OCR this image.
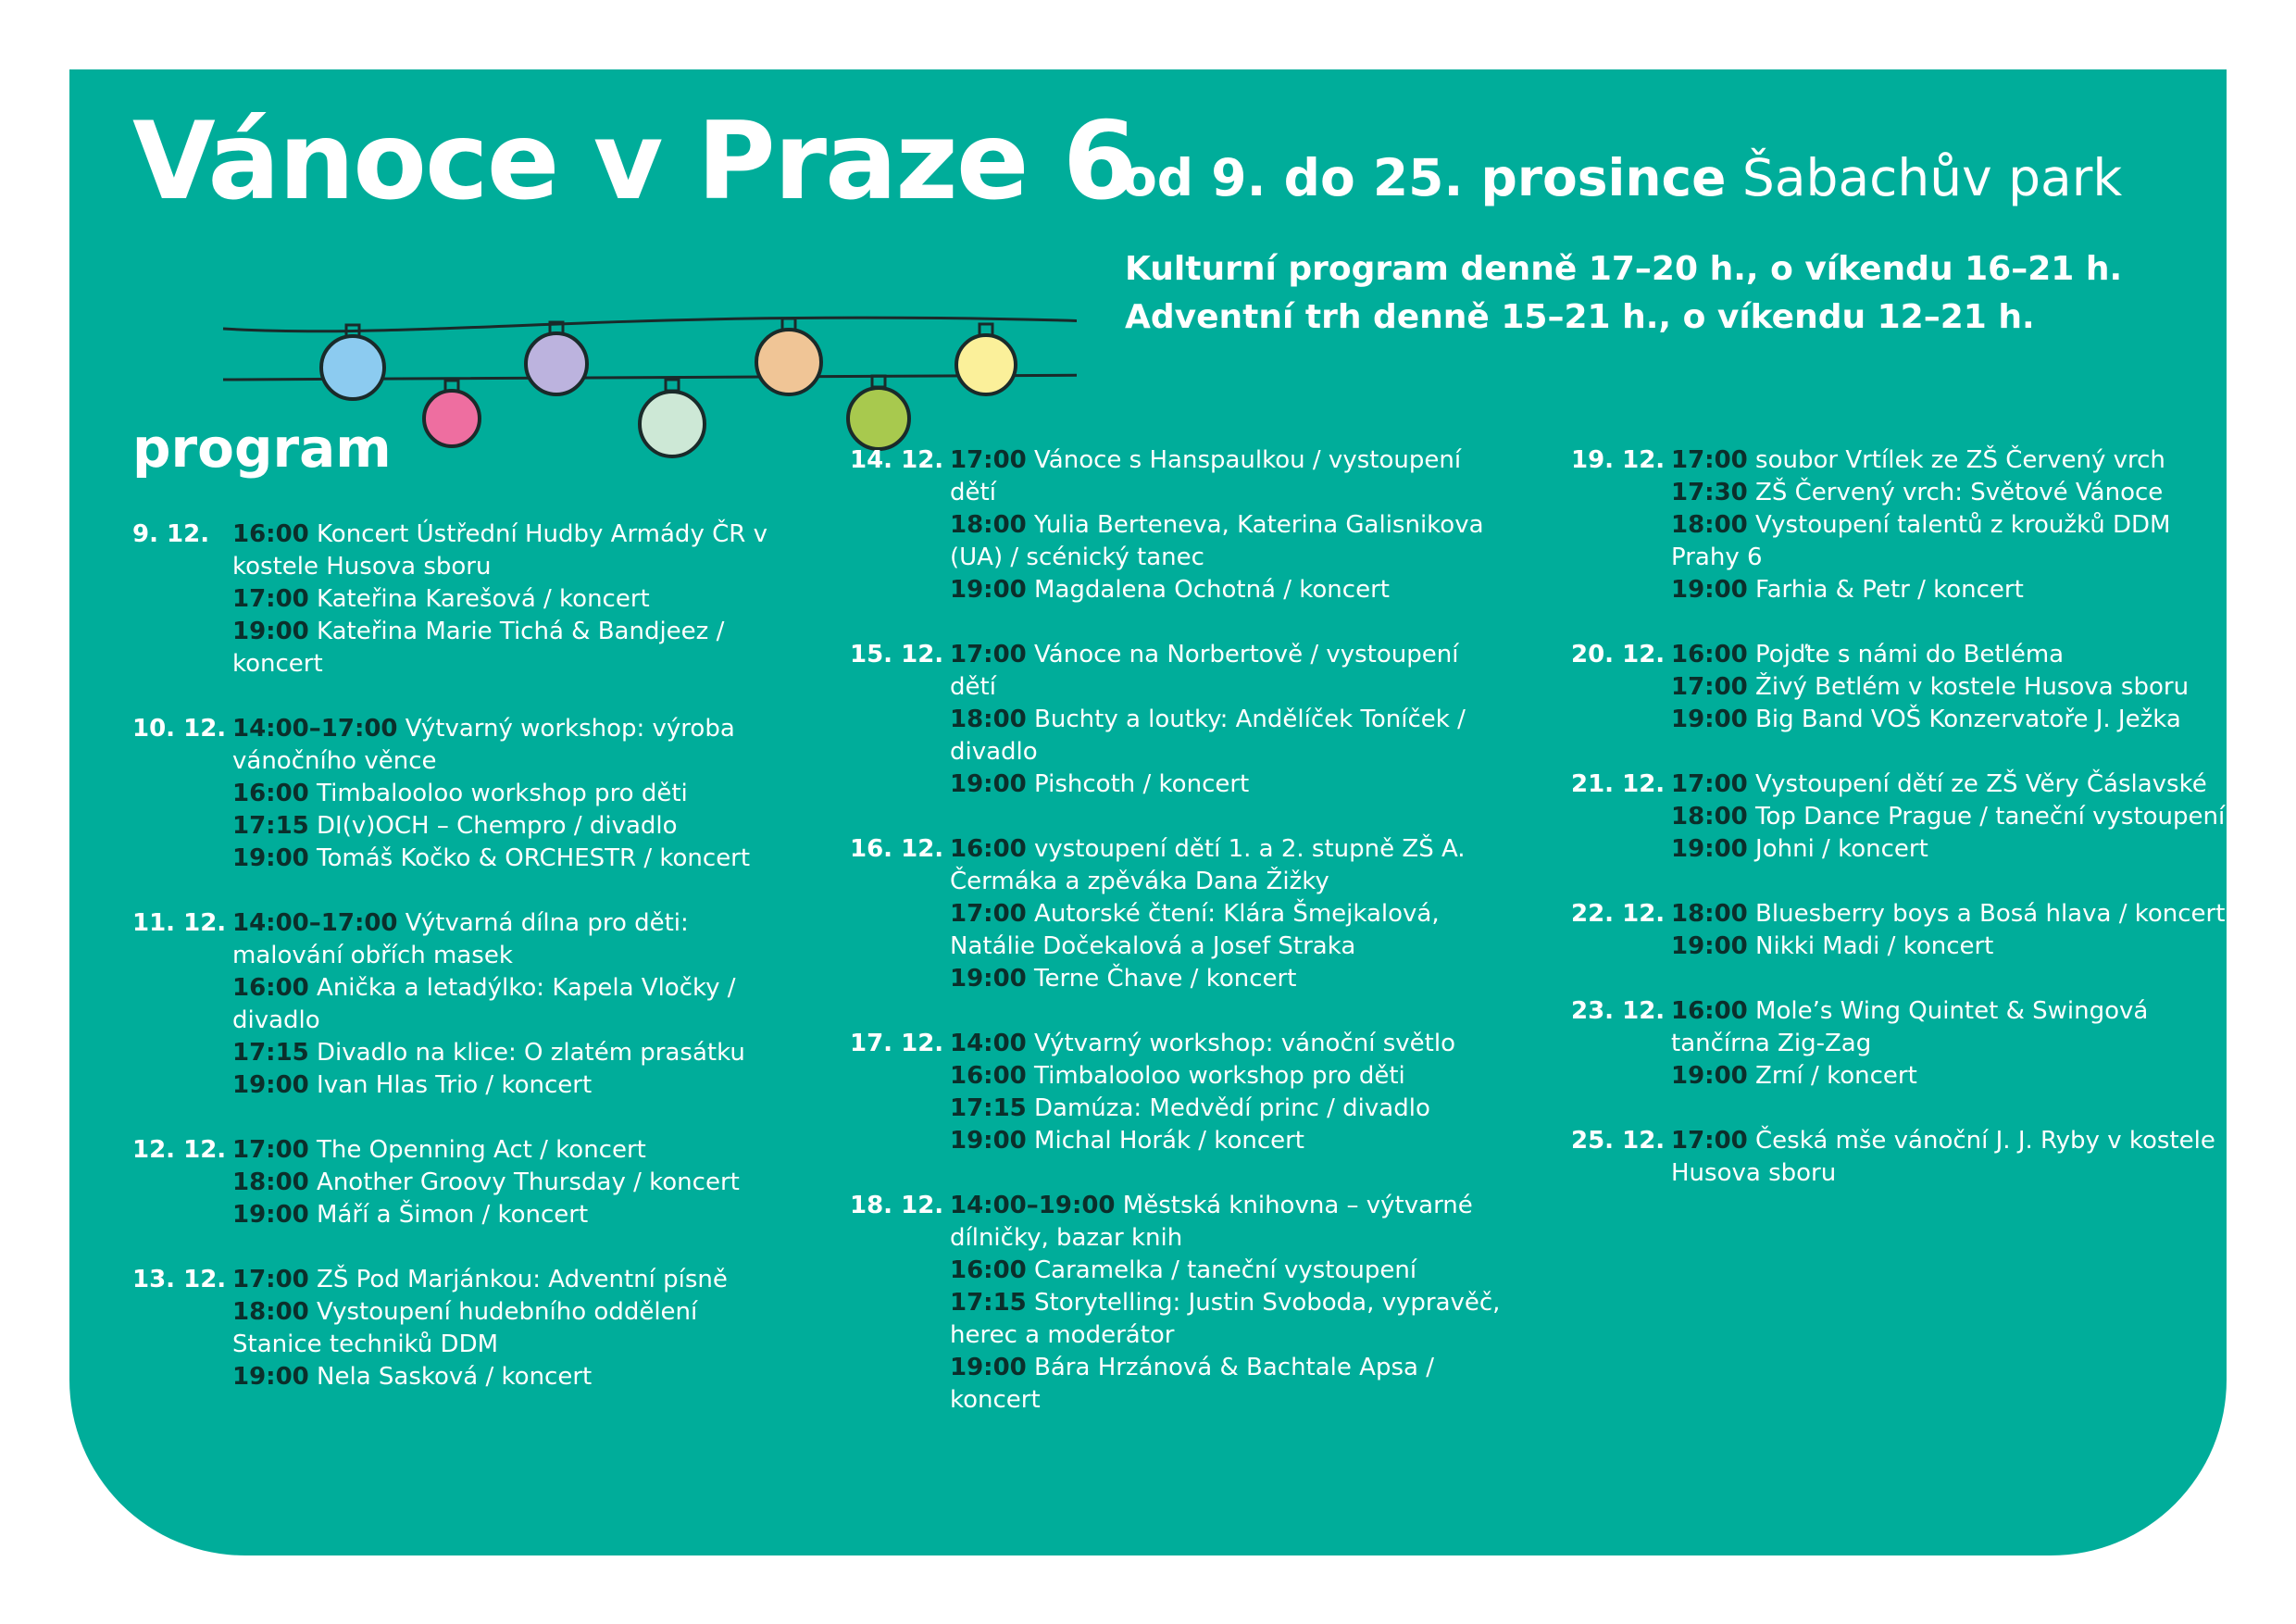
Vánoce v Praze 6
od 9. do 25. prosince Šabachův park
Kulturní program denně 17–20 h., o víkendu 16–21 h.
Adventní trh denně 15–21 h., o víkendu 12–21 h.
program
9. 12. 16:00 Koncert Ústřední Hudby Armády ČR v kostele Husova sboru
17:00 Kateřina Karešová / koncert
19:00 Kateřina Marie Tichá & Bandjeez / koncert
10. 12. 14:00–17:00 Výtvarný workshop: výroba vánočního věnce
16:00 Timbalooloo workshop pro děti
17:15 DI(v)OCH – Chempro / divadlo
19:00 Tomáš Kočko & ORCHESTR / koncert
11. 12. 14:00–17:00 Výtvarná dílna pro děti: malování obřích masek
16:00 Anička a letadýlko: Kapela Vločky / divadlo
17:15 Divadlo na klice: O zlatém prasátku
19:00 Ivan Hlas Trio / koncert
12. 12. 17:00 The Openning Act / koncert
18:00 Another Groovy Thursday / koncert
19:00 Máří a Šimon / koncert
13. 12. 17:00 ZŠ Pod Marjánkou: Adventní písně
18:00 Vystoupení hudebního oddělení Stanice techniků DDM
19:00 Nela Sasková / koncert
14. 12. 17:00 Vánoce s Hanspaulkou / vystoupení dětí
18:00 Yulia Berteneva, Katerina Galisnikova (UA) / scénický tanec
19:00 Magdalena Ochotná / koncert
15. 12. 17:00 Vánoce na Norbertově / vystoupení dětí
18:00 Buchty a loutky: Andělíček Toníček / divadlo
19:00 Pishcoth / koncert
16. 12. 16:00 vystoupení dětí 1. a 2. stupně ZŠ A. Čermáka a zpěváka Dana Žižky
17:00 Autorské čtení: Klára Šmejkalová, Natálie Dočekalová a Josef Straka
19:00 Terne Čhave / koncert
17. 12. 14:00 Výtvarný workshop: vánoční světlo
16:00 Timbalooloo workshop pro děti
17:15 Damúza: Medvědí princ / divadlo
19:00 Michal Horák / koncert
18. 12. 14:00–19:00 Městská knihovna – výtvarné dílničky, bazar knih
16:00 Caramelka / taneční vystoupení
17:15 Storytelling: Justin Svoboda, vypravěč, herec a moderátor
19:00 Bára Hrzánová & Bachtale Apsa / koncert
19. 12. 17:00 soubor Vrtílek ze ZŠ Červený vrch
17:30 ZŠ Červený vrch: Světové Vánoce
18:00 Vystoupení talentů z kroužků DDM Prahy 6
19:00 Farhia & Petr / koncert
20. 12. 16:00 Pojďte s námi do Betléma
17:00 Živý Betlém v kostele Husova sboru
19:00 Big Band VOŠ Konzervatoře J. Ježka
21. 12. 17:00 Vystoupení dětí ze ZŠ Věry Čáslavské
18:00 Top Dance Prague / taneční vystoupení
19:00 Johni / koncert
22. 12. 18:00 Bluesberry boys a Bosá hlava / koncert
19:00 Nikki Madi / koncert
23. 12. 16:00 Mole’s Wing Quintet & Swingová tančírna Zig-Zag
19:00 Zrní / koncert
25. 12. 17:00 Česká mše vánoční J. J. Ryby v kostele Husova sboru
